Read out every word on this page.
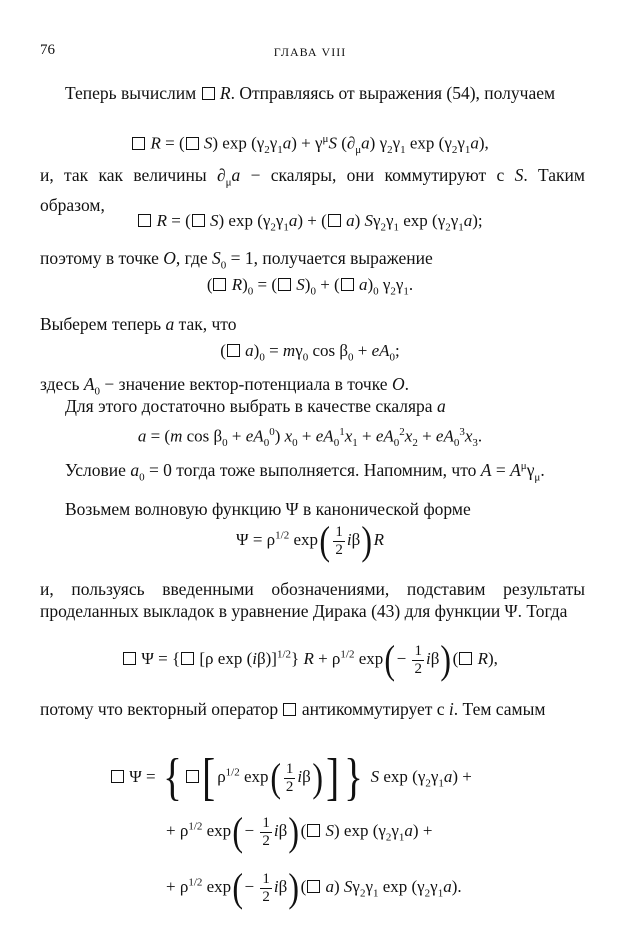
76	ГЛАВА VIII
Теперь вычислим  R. Отправляясь от выражения (54), получаем
R = ( S) $\exp (\gamma_2\gamma_1a) + \gamma^\mu S$ $(\partial_\mu a)$ $\gamma_2\gamma_1$ $\exp (\gamma_2\gamma_1a)$,
и, так как величины $\partial_\mu a$ − скаляры, они коммутируют с S. Таким образом,
R = ( S) $\exp (\gamma_2\gamma_1a)$ + ( a) $S\gamma_2\gamma_1$ $\exp (\gamma_2\gamma_1a)$;
поэтому в точке O, где $S_0 = 1$, получается выражение
( $R)_0$ = ( $S)_0$ + ( $a)_0$ $\gamma_2\gamma_1$.
Выберем теперь a так, что
( $a)_0 = m\gamma_0$ $\cos \beta_0 + eA_0$;
здесь $A_0$ − значение вектор-потенциала в точке O.
Для этого достаточно выбрать в качестве скаляра a
a = (m $\cos \beta_0 + eA_0^0$) $x_0 + eA_0^1x_1 + eA_0^2x_2 + eA_0^3x_3$.
Условие $a_0 = 0$ тогда тоже выполняется. Напомним, что $A = A^\mu\gamma_\mu$.
Возьмем волновую функцию Ψ в канонической форме
$\Psi = \rho^{1/2}$ $\exp( \frac{1}{2} i\beta)R$
и, пользуясь введенными обозначениями, подставим результаты проделанных выкладок в уравнение Дирака (43) для функции Ψ. Тогда
Ψ = { [ρ exp (iβ)]$^{1/2}$} $R + \rho^{1/2}$ $\exp(- \frac{1}{2} i\beta)$( R),
потому что векторный оператор  антикоммутирует с i. Тем самым
Ψ = { [ $\rho^{1/2}$ $\exp( \frac{1}{2} i\beta)$] } S $\exp (\gamma_2\gamma_1a)$ +
+ $\rho^{1/2}$ $\exp(- \frac{1}{2} i\beta)$( S) $\exp (\gamma_2\gamma_1a)$ +
+ $\rho^{1/2}$ $\exp(- \frac{1}{2} i\beta)$( a) $S\gamma_2\gamma_1$ $\exp (\gamma_2\gamma_1a)$.
